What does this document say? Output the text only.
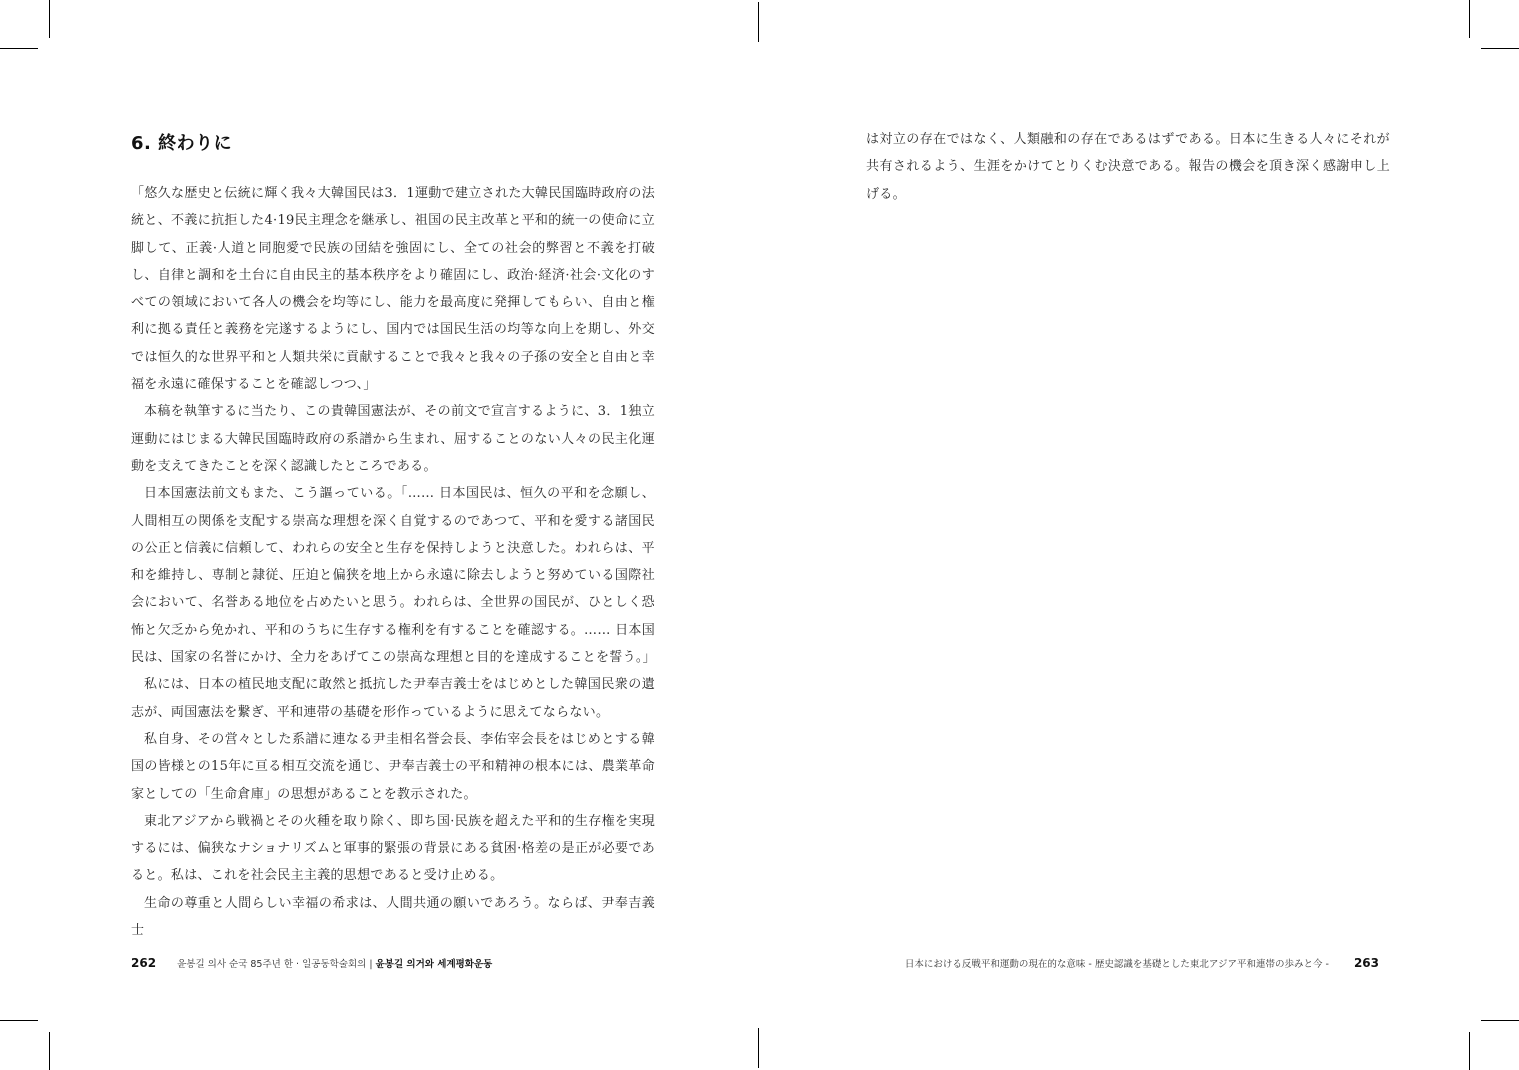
6. 終わりに

「悠久な歴史と伝統に輝く我々大韓国民は3．1運動で建立された大韓民国臨時政府の法統と、不義に抗拒した4·19民主理念を継承し、祖国の民主改革と平和的統一の使命に立脚して、正義·人道と同胞愛で民族の団結を強固にし、全ての社会的弊習と不義を打破し、自律と調和を土台に自由民主的基本秩序をより確固にし、政治·経済·社会·文化のすべての領域において各人の機会を均等にし、能力を最高度に発揮してもらい、自由と権利に拠る責任と義務を完遂するようにし、国内では国民生活の均等な向上を期し、外交では恒久的な世界平和と人類共栄に貢献することで我々と我々の子孫の安全と自由と幸福を永遠に確保することを確認しつつ、」

本稿を執筆するに当たり、この貴韓国憲法が、その前文で宣言するように、3．1独立運動にはじまる大韓民国臨時政府の系譜から生まれ、屈することのない人々の民主化運動を支えてきたことを深く認識したところである。

日本国憲法前文もまた、こう謳っている。「…… 日本国民は、恒久の平和を念願し、人間相互の関係を支配する崇高な理想を深く自覚するのであつて、平和を愛する諸国民の公正と信義に信頼して、われらの安全と生存を保持しようと決意した。われらは、平和を維持し、専制と隷従、圧迫と偏狭を地上から永遠に除去しようと努めている国際社会において、名誉ある地位を占めたいと思う。われらは、全世界の国民が、ひとしく恐怖と欠乏から免かれ、平和のうちに生存する権利を有することを確認する。…… 日本国民は、国家の名誉にかけ、全力をあげてこの崇高な理想と目的を達成することを誓う。」

私には、日本の植民地支配に敢然と抵抗した尹奉吉義士をはじめとした韓国民衆の遺志が、両国憲法を繋ぎ、平和連帯の基礎を形作っているように思えてならない。

私自身、その営々とした系譜に連なる尹圭相名誉会長、李佑宰会長をはじめとする韓国の皆様との15年に亘る相互交流を通じ、尹奉吉義士の平和精神の根本には、農業革命家としての「生命倉庫」の思想があることを教示された。

東北アジアから戦禍とその火種を取り除く、即ち国·民族を超えた平和的生存権を実現するには、偏狭なナショナリズムと軍事的緊張の背景にある貧困·格差の是正が必要であると。私は、これを社会民主主義的思想であると受け止める。

生命の尊重と人間らしい幸福の希求は、人間共通の願いであろう。ならば、尹奉吉義士

262 윤봉길 의사 순국 85주년 한 · 일공동학술회의 | 윤봉길 의거와 세계평화운동

は対立の存在ではなく、人類融和の存在であるはずである。日本に生きる人々にそれが共有されるよう、生涯をかけてとりくむ決意である。報告の機会を頂き深く感謝申し上げる。

日本における反戦平和運動の現在的な意味 - 歴史認識を基礎とした東北アジア平和連帯の歩みと今 - 263
